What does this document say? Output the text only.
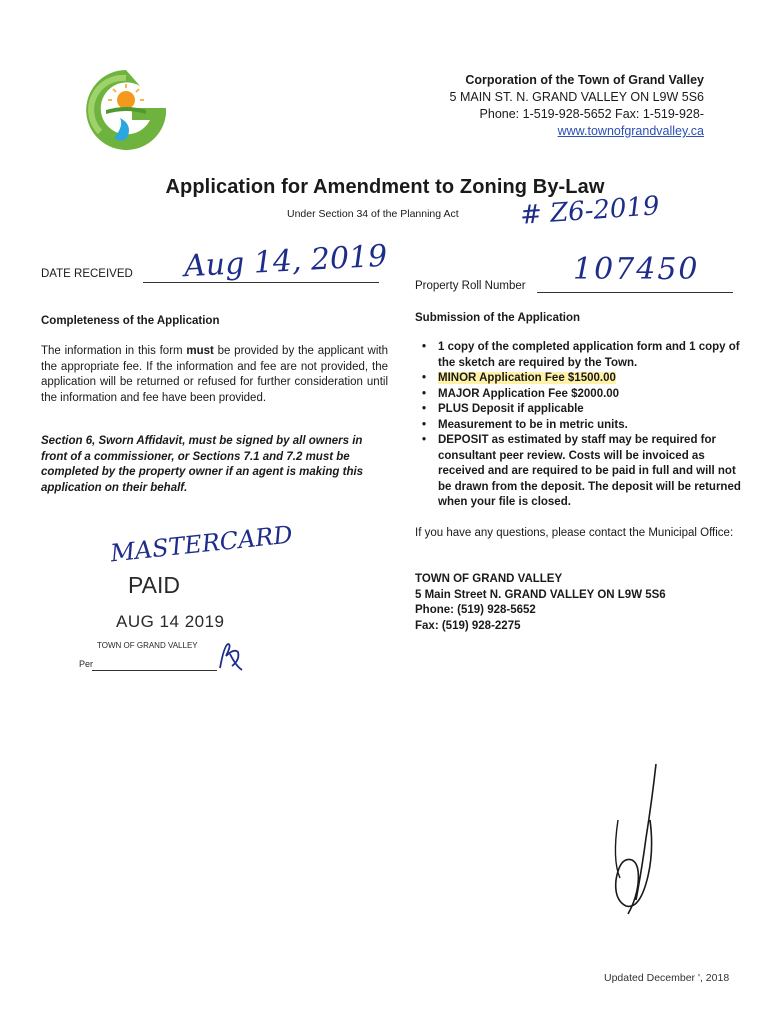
Corporation of the Town of Grand Valley
5 MAIN ST. N. GRAND VALLEY ON L9W 5S6
Phone: 1-519-928-5652 Fax: 1-519-928-
www.townofgrandvalley.ca
Application for Amendment to Zoning By-Law
Under Section 34 of the Planning Act # Z6-2019
DATE RECEIVED Aug 14, 2019
Property Roll Number 107450
Completeness of the Application
The information in this form must be provided by the applicant with the appropriate fee. If the information and fee are not provided, the application will be returned or refused for further consideration until the information and fee have been provided.
Section 6, Sworn Affidavit, must be signed by all owners in front of a commissioner, or Sections 7.1 and 7.2 must be completed by the property owner if an agent is making this application on their behalf.
MASTERCARD
PAID
AUG 14 2019
TOWN OF GRAND VALLEY
Per
Submission of the Application
• 1 copy of the completed application form and 1 copy of the sketch are required by the Town.
• MINOR Application Fee $1500.00
• MAJOR Application Fee $2000.00
• PLUS Deposit if applicable
• Measurement to be in metric units.
• DEPOSIT as estimated by staff may be required for consultant peer review. Costs will be invoiced as received and are required to be paid in full and will not be drawn from the deposit. The deposit will be returned when your file is closed.
If you have any questions, please contact the Municipal Office:
TOWN OF GRAND VALLEY
5 Main Street N. GRAND VALLEY ON L9W 5S6
Phone: (519) 928-5652
Fax: (519) 928-2275
Updated December ', 2018
